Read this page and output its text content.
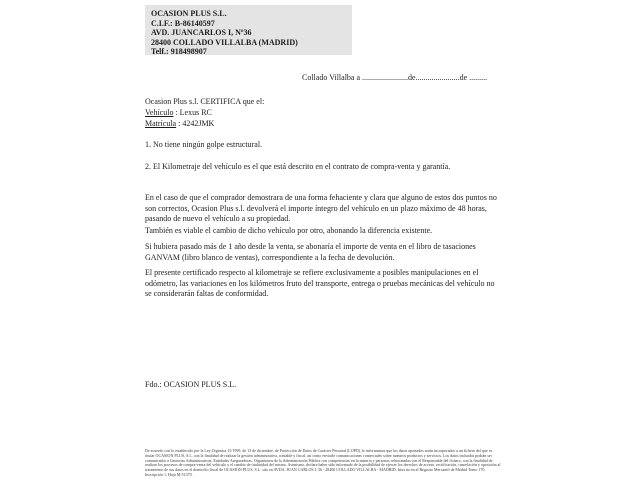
OCASION PLUS S.L.
C.I.F.: B-86140597
AVD. JUANCARLOS I, Nº36
28400 COLLADO VILLALBA (MADRID)
Telf.: 918498907
Collado Villalba a .......................de......................de .........
Ocasion Plus s.l. CERTIFICA que el:
Vehículo : Lexus RC
Matrícula : 4242JMK
1. No tiene ningún golpe estructural.
2. El Kilometraje del vehículo es el que está descrito en el contrato de compra-venta y garantía.
En el caso de que el comprador demostrara de una forma fehaciente y clara que alguno de estos dos puntos no son correctos, Ocasion Plus s.l. devolverá el importe íntegro del vehículo en un plazo máximo de 48 horas, pasando de nuevo el vehículo a su propiedad.
También es viable el cambio de dicho vehículo por otro, abonando la diferencia existente.
Si hubiera pasado más de 1 año desde la venta, se abonaría el importe de venta en el libro de tasaciones GANVAM (libro blanco de ventas), correspondiente a la fecha de devolución.
El presente certificado respecto al kilometraje se refiere exclusivamente a posibles manipulaciones en el odómetro, las variaciones en los kilómetros fruto del transporte, entrega o pruebas mecánicas del vehículo no se considerarán faltas de conformidad.
Fdo.: OCASION PLUS S.L.
De acuerdo con lo establecido por la Ley Orgánica 15/1999, de 13 de diciembre, de Protección de Datos de Carácter Personal (LOPD), le informamos que los datos aportados serán incorporados a un fichero del que es titular OCASION PLUS, S.L. con la finalidad de realizar la gestión administrativa, contable y fiscal, así como enviarle comunicaciones comerciales sobre nuestros productos y servicios. Los datos incluidos podrán ser comunicados a Gestorías Administrativas, Entidades Aseguradoras, Organismos de la Administración Pública con competencias en la materia y personas relacionadas con el Responsable del fichero, con la finalidad de realizar los procesos de compra-venta del vehículo y el cambio de titularidad del mismo. Asimismo, declara haber sido informado de la posibilidad de ejercer los derechos de acceso, rectificación, cancelación y oposición al tratamiento de sus datos en el domicilio fiscal de OCASION PLUS, S.L. sito en AVDA. JUAN CARLOS I, 36 - 28400 COLLADO VILLALBA - MADRID. Inscrito en el Registro Mercantil de Madrid Tomo 170, Inscripción 1, Hoja M-51370.
